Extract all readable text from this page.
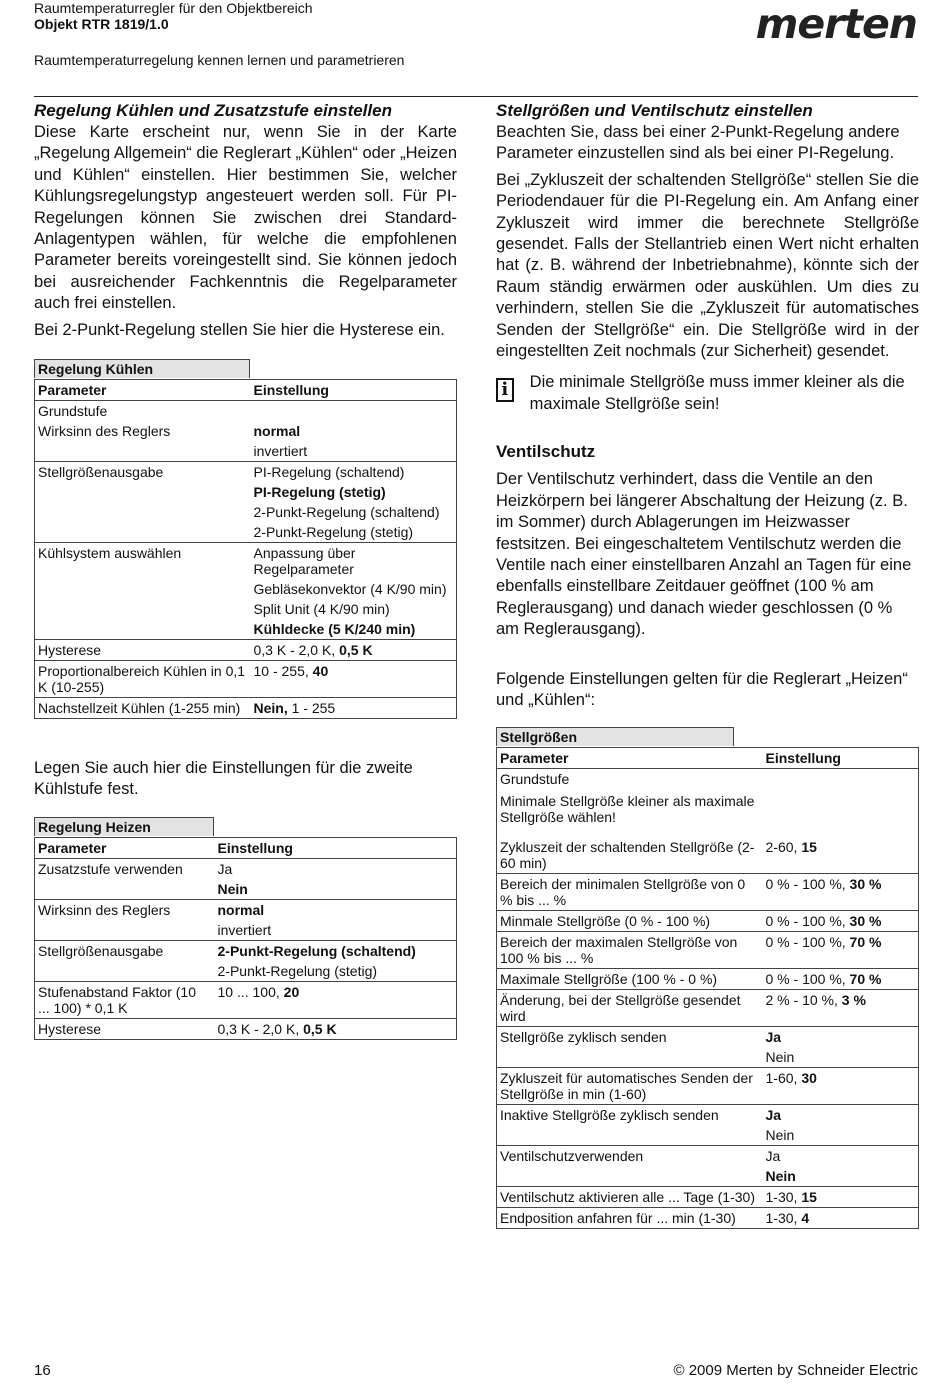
Raumtemperaturregler für den Objektbereich
Objekt RTR 1819/1.0
Raumtemperaturregelung kennen lernen und parametrieren
merten
Regelung Kühlen und Zusatzstufe einstellen

Diese Karte erscheint nur, wenn Sie in der Karte „Regelung Allgemein“ die Reglerart „Kühlen“ oder „Heizen und Kühlen“ einstellen. Hier bestimmen Sie, welcher Kühlungsregelungstyp angesteuert werden soll. Für PI-Regelungen können Sie zwischen drei Standard-Anlagentypen wählen, für welche die empfohlenen Parameter bereits voreingestellt sind. Sie können jedoch bei ausreichender Fachkenntnis die Regelparameter auch frei einstellen.

Bei 2-Punkt-Regelung stellen Sie hier die Hysterese ein.

Regelung Kühlen
Parameter	Einstellung
Grundstufe	
Wirksinn des Reglers	normal
	invertiert
Stellgrößenausgabe	PI-Regelung (schaltend)
	PI-Regelung (stetig)
	2-Punkt-Regelung (schaltend)
	2-Punkt-Regelung (stetig)
Kühlsystem auswählen	Anpassung über Regelparameter
	Gebläsekonvektor (4 K/90 min)
	Split Unit (4 K/90 min)
	Kühldecke (5 K/240 min)
Hysterese	0,3 K - 2,0 K, 0,5 K
Proportionalbereich Kühlen in 0,1 K (10-255)	10 - 255, 40
Nachstellzeit Kühlen (1-255 min)	Nein, 1 - 255

Legen Sie auch hier die Einstellungen für die zweite Kühlstufe fest.

Regelung Heizen
Parameter	Einstellung
Zusatzstufe verwenden	Ja
	Nein
Wirksinn des Reglers	normal
	invertiert
Stellgrößenausgabe	2-Punkt-Regelung (schaltend)
	2-Punkt-Regelung (stetig)
Stufenabstand Faktor (10 ... 100) * 0,1 K	10 ... 100, 20
Hysterese	0,3 K - 2,0 K, 0,5 K
Stellgrößen und Ventilschutz einstellen

Beachten Sie, dass bei einer 2-Punkt-Regelung andere Parameter einzustellen sind als bei einer PI-Regelung.

Bei „Zykluszeit der schaltenden Stellgröße“ stellen Sie die Periodendauer für die PI-Regelung ein. Am Anfang einer Zykluszeit wird immer die berechnete Stellgröße gesendet. Falls der Stellantrieb einen Wert nicht erhalten hat (z. B. während der Inbetriebnahme), könnte sich der Raum ständig erwärmen oder auskühlen. Um dies zu verhindern, stellen Sie die „Zykluszeit für automatisches Senden der Stellgröße“ ein. Die Stellgröße wird in der eingestellten Zeit nochmals (zur Sicherheit) gesendet.

i	Die minimale Stellgröße muss immer kleiner als die maximale Stellgröße sein!

Ventilschutz

Der Ventilschutz verhindert, dass die Ventile an den Heizkörpern bei längerer Abschaltung der Heizung (z. B. im Sommer) durch Ablagerungen im Heizwasser festsitzen. Bei eingeschaltetem Ventilschutz werden die Ventile nach einer einstellbaren Anzahl an Tagen für eine ebenfalls einstellbare Zeitdauer geöffnet (100 % am Reglerausgang) und danach wieder geschlossen (0 % am Reglerausgang).

Folgende Einstellungen gelten für die Reglerart „Heizen“ und „Kühlen“:

Stellgrößen
Parameter	Einstellung
Grundstufe	
Minimale Stellgröße kleiner als maximale Stellgröße wählen!	
Zykluszeit der schaltenden Stellgröße (2-60 min)	2-60, 15
Bereich der minimalen Stellgröße von 0 % bis ... %	0 % - 100 %, 30 %
Minmale Stellgröße (0 % - 100 %)	0 % - 100 %, 30 %
Bereich der maximalen Stellgröße von 100 % bis ... %	0 % - 100 %, 70 %
Maximale Stellgröße (100 % - 0 %)	0 % - 100 %, 70 %
Änderung, bei der Stellgröße gesendet wird	2 % - 10 %, 3 %
Stellgröße zyklisch senden	Ja
	Nein
Zykluszeit für automatisches Senden der Stellgröße in min (1-60)	1-60, 30
Inaktive Stellgröße zyklisch senden	Ja
	Nein
Ventilschutzverwenden	Ja
	Nein
Ventilschutz aktivieren alle ... Tage (1-30)	1-30, 15
Endposition anfahren für ... min (1-30)	1-30, 4
16	© 2009 Merten by Schneider Electric
